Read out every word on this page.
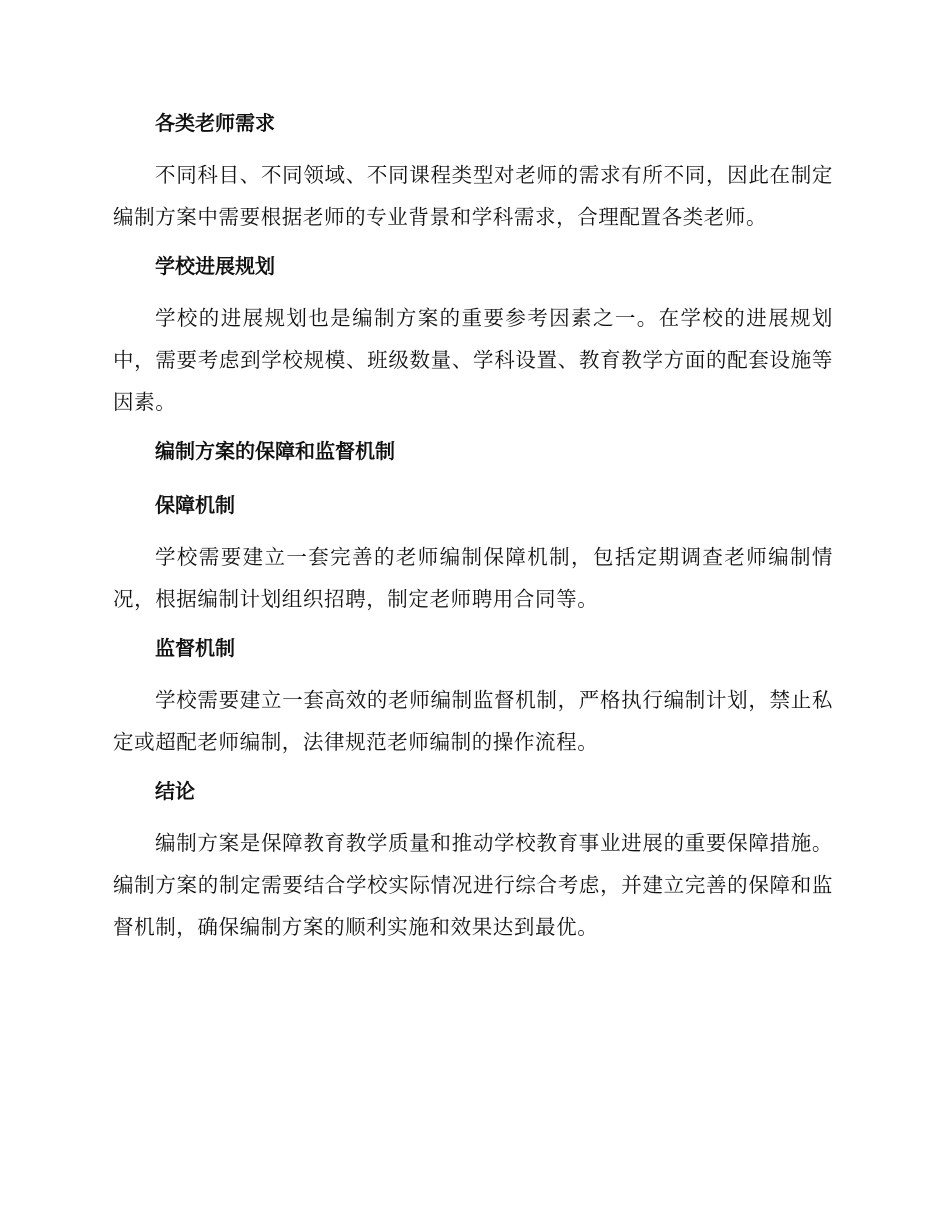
各类老师需求

不同科目、不同领域、不同课程类型对老师的需求有所不同，因此在制定编制方案中需要根据老师的专业背景和学科需求，合理配置各类老师。

学校进展规划

学校的进展规划也是编制方案的重要参考因素之一。在学校的进展规划中，需要考虑到学校规模、班级数量、学科设置、教育教学方面的配套设施等因素。

编制方案的保障和监督机制
保障机制

学校需要建立一套完善的老师编制保障机制，包括定期调查老师编制情况，根据编制计划组织招聘，制定老师聘用合同等。

监督机制

学校需要建立一套高效的老师编制监督机制，严格执行编制计划，禁止私定或超配老师编制，法律规范老师编制的操作流程。

结论

编制方案是保障教育教学质量和推动学校教育事业进展的重要保障措施。编制方案的制定需要结合学校实际情况进行综合考虑，并建立完善的保障和监督机制，确保编制方案的顺利实施和效果达到最优。
